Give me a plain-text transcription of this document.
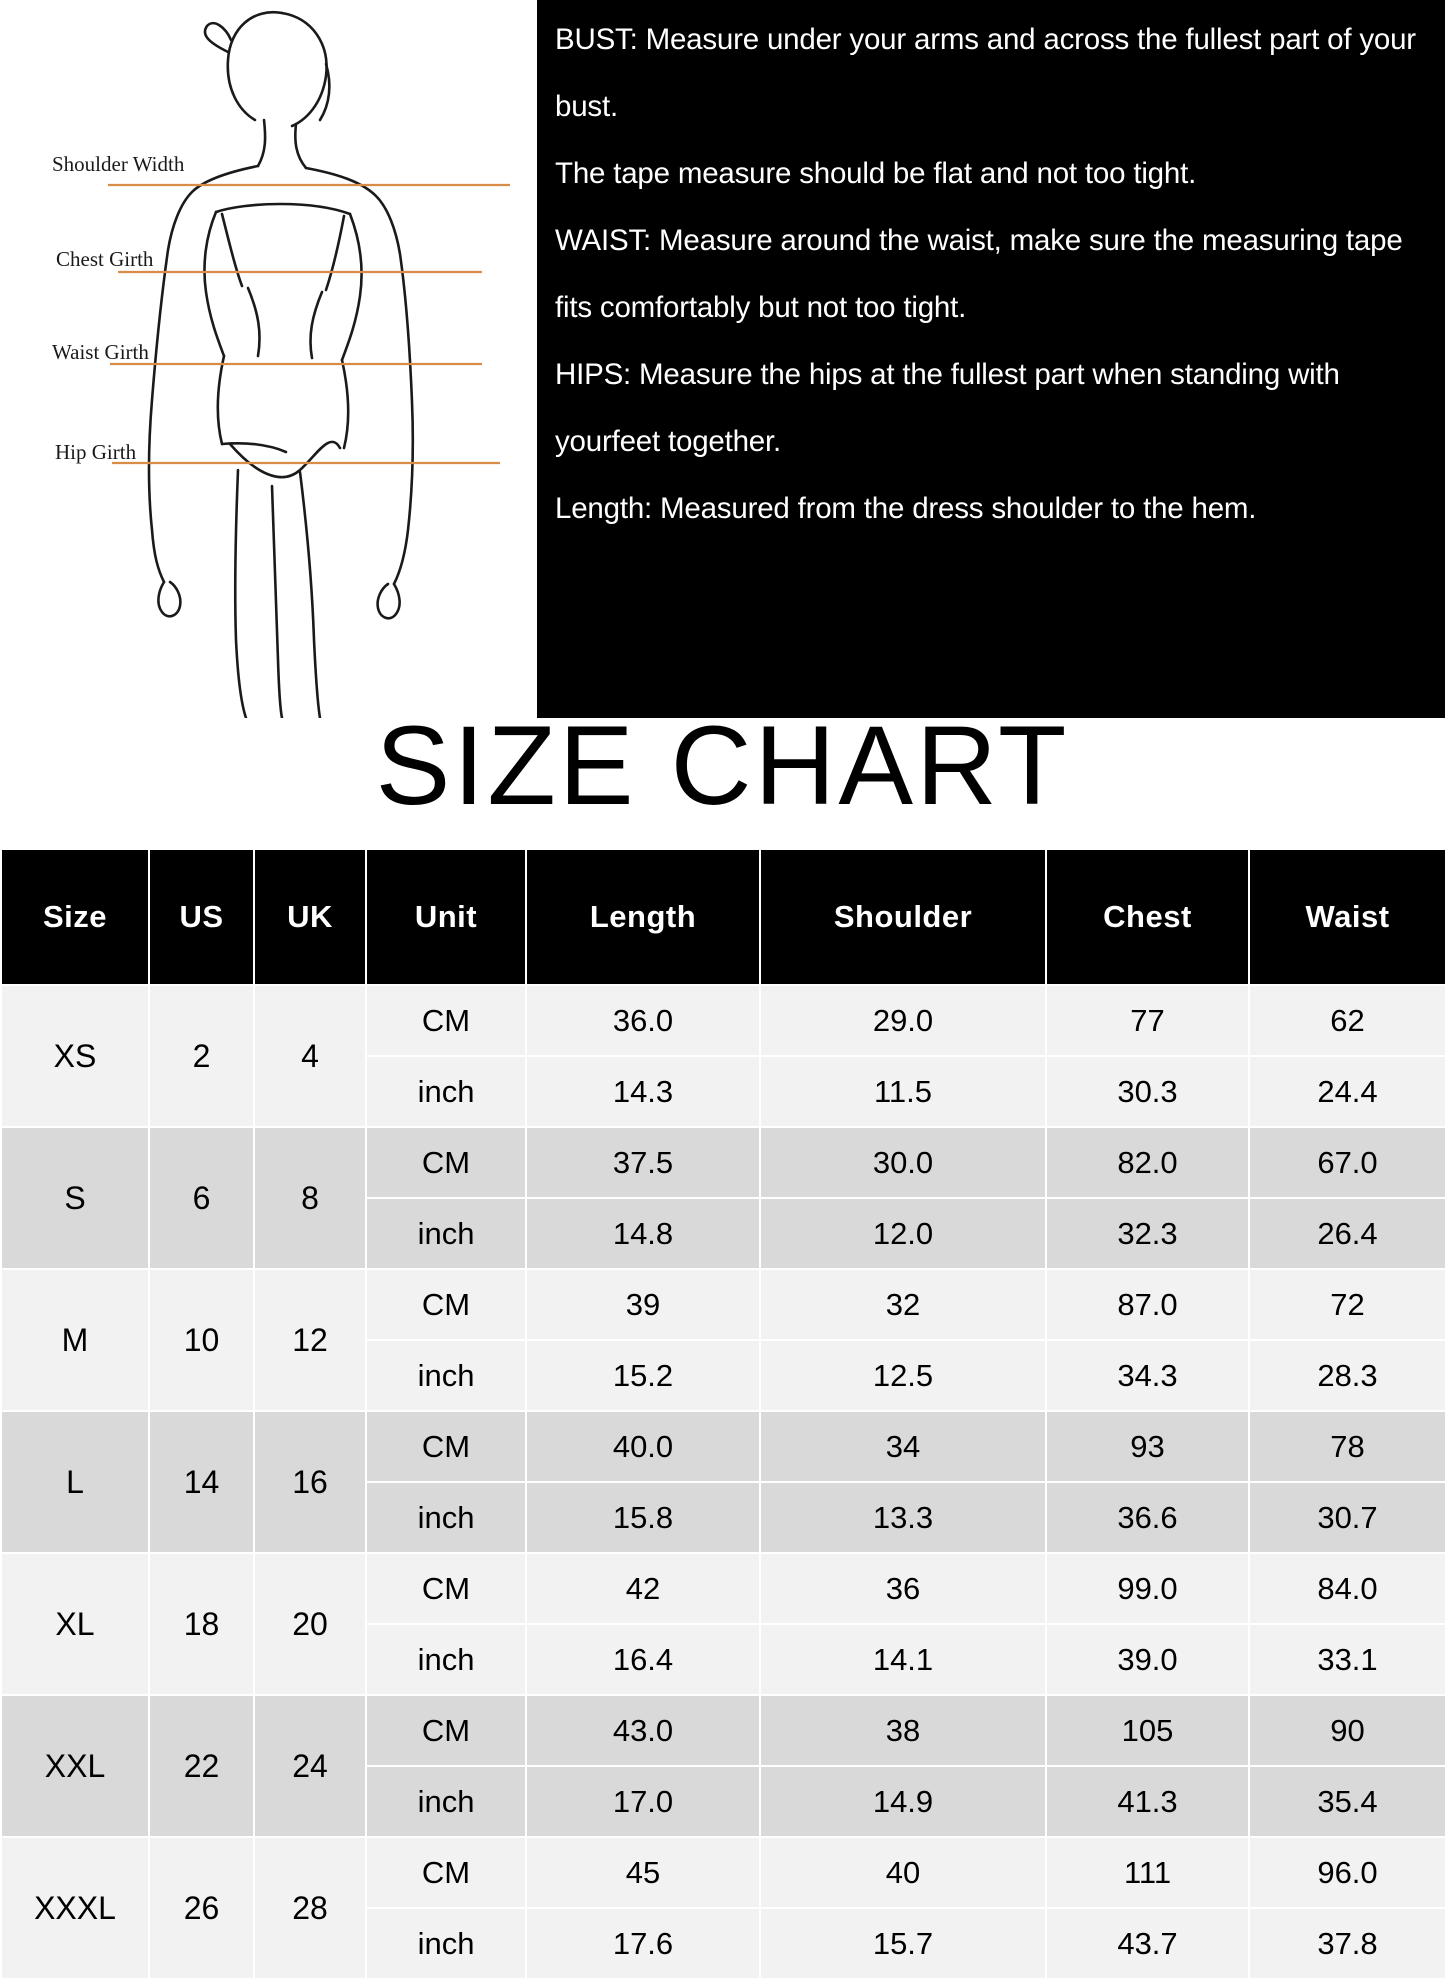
Shoulder Width
Chest Girth
Waist Girth
Hip Girth
BUST: Measure under your arms and across the fullest part of your bust.
The tape measure should be flat and not too tight.
WAIST: Measure around the waist, make sure the measuring tape fits comfortably but not too tight.
HIPS: Measure the hips at the fullest part when standing with yourfeet together.
Length: Measured from the dress shoulder to the hem.
SIZE CHART
Size	US	UK	Unit	Length	Shoulder	Chest	Waist
XS	2	4	CM	36.0	29.0	77	62
			inch	14.3	11.5	30.3	24.4
S	6	8	CM	37.5	30.0	82.0	67.0
			inch	14.8	12.0	32.3	26.4
M	10	12	CM	39	32	87.0	72
			inch	15.2	12.5	34.3	28.3
L	14	16	CM	40.0	34	93	78
			inch	15.8	13.3	36.6	30.7
XL	18	20	CM	42	36	99.0	84.0
			inch	16.4	14.1	39.0	33.1
XXL	22	24	CM	43.0	38	105	90
			inch	17.0	14.9	41.3	35.4
XXXL	26	28	CM	45	40	111	96.0
			inch	17.6	15.7	43.7	37.8
